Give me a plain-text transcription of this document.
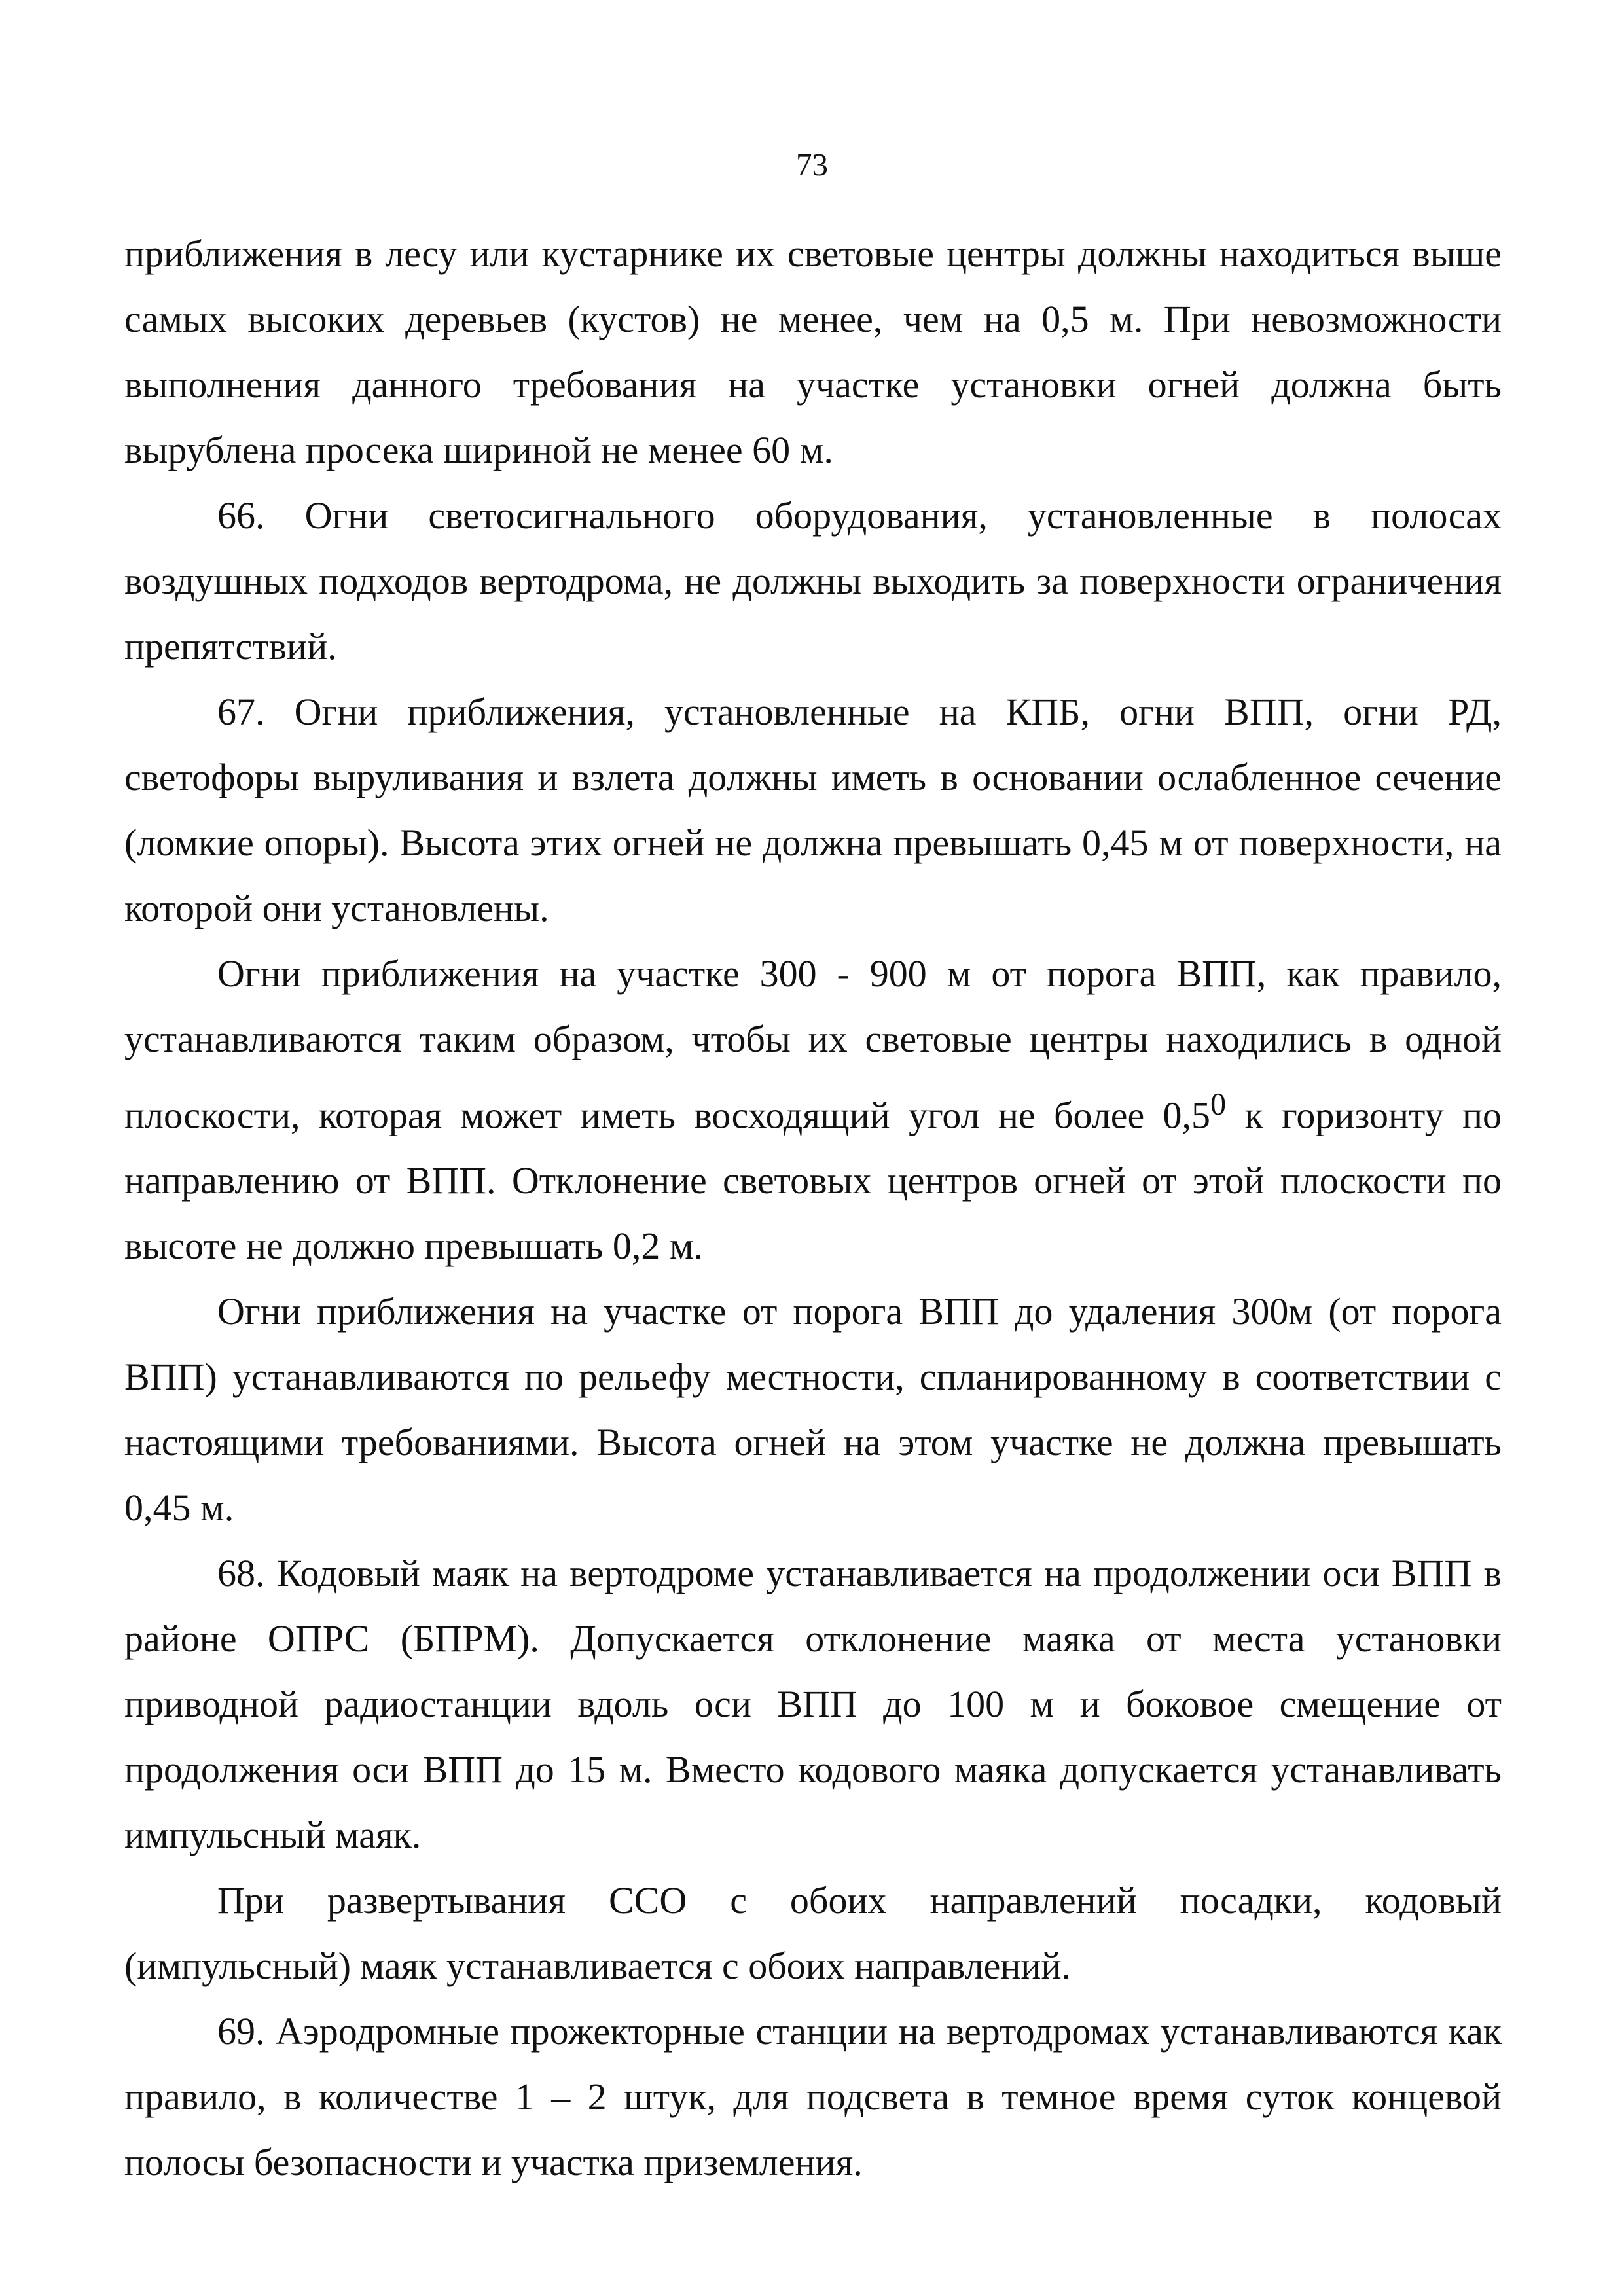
73

приближения в лесу или кустарнике их световые центры должны находиться выше самых высоких деревьев (кустов) не менее, чем на 0,5 м. При невозможности выполнения данного требования на участке установки огней должна быть вырублена просека шириной не менее 60 м.

66. Огни светосигнального оборудования, установленные в полосах воздушных подходов вертодрома, не должны выходить за поверхности ограничения препятствий.

67. Огни приближения, установленные на КПБ, огни ВПП, огни РД, светофоры выруливания и взлета должны иметь в основании ослабленное сечение (ломкие опоры). Высота этих огней не должна превышать 0,45 м от поверхности, на которой они установлены.

Огни приближения на участке 300 - 900 м от порога ВПП, как правило, устанавливаются таким образом, чтобы их световые центры находились в одной плоскости, которая может иметь восходящий угол не более $0,5^0$ к горизонту по направлению от ВПП. Отклонение световых центров огней от этой плоскости по высоте не должно превышать 0,2 м.

Огни приближения на участке от порога ВПП до удаления 300м (от порога ВПП) устанавливаются по рельефу местности, спланированному в соответствии с настоящими требованиями. Высота огней на этом участке не должна превышать 0,45 м.

68. Кодовый маяк на вертодроме устанавливается на продолжении оси ВПП в районе ОПРС (БПРМ). Допускается отклонение маяка от места установки приводной радиостанции вдоль оси ВПП до 100 м и боковое смещение от продолжения оси ВПП до 15 м. Вместо кодового маяка допускается устанавливать импульсный маяк.

При развертывания ССО с обоих направлений посадки, кодовый (импульсный) маяк устанавливается с обоих направлений.

69. Аэродромные прожекторные станции на вертодромах устанавливаются как правило, в количестве 1 – 2 штук, для подсвета в темное время суток концевой полосы безопасности и участка приземления.
